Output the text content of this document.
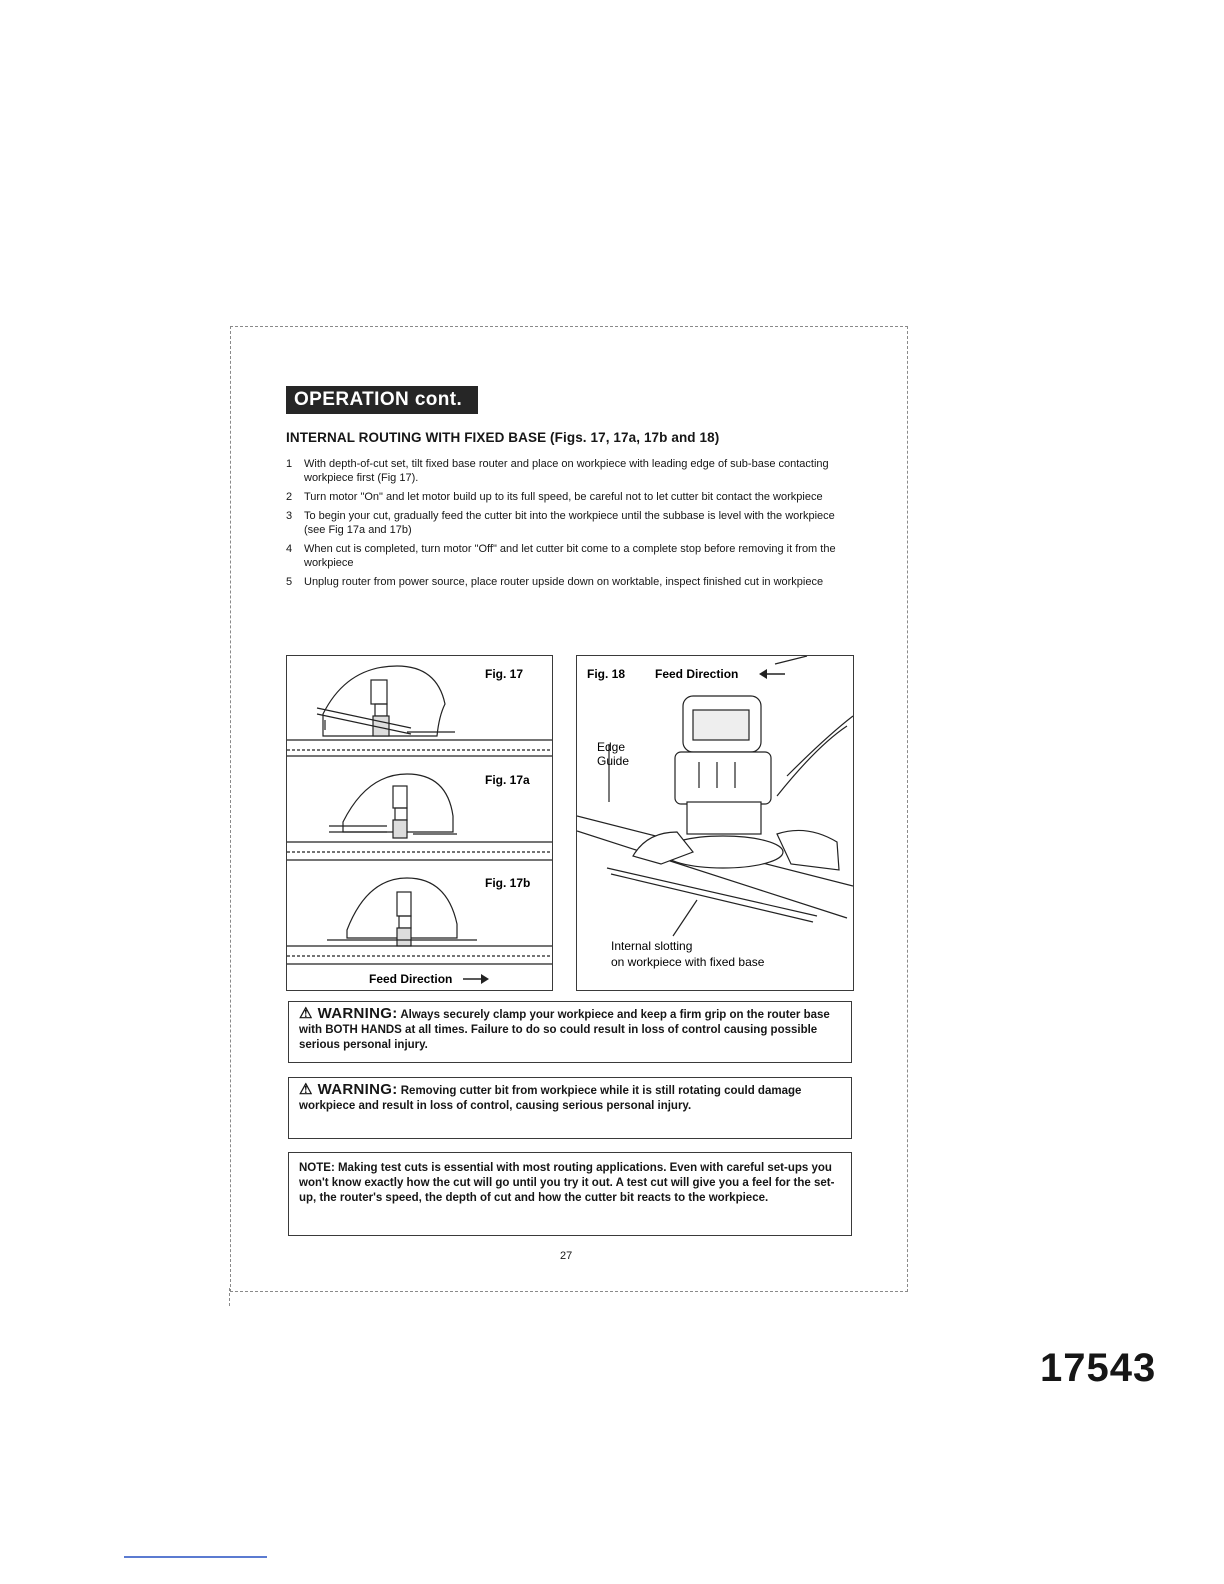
OPERATION cont.
INTERNAL ROUTING WITH FIXED BASE (Figs. 17, 17a, 17b and 18)
1 With depth-of-cut set, tilt fixed base router and place on workpiece with leading edge of sub-base contacting workpiece first (Fig 17).
2 Turn motor "On" and let motor build up to its full speed, be careful not to let cutter bit contact the workpiece
3 To begin your cut, gradually feed the cutter bit into the workpiece until the subbase is level with the workpiece (see Fig 17a and 17b)
4 When cut is completed, turn motor "Off" and let cutter bit come to a complete stop before removing it from the workpiece
5 Unplug router from power source, place router upside down on worktable, inspect finished cut in workpiece
Fig. 17
Fig. 17a
Fig. 17b
Feed Direction
Fig. 18 Feed Direction
Edge
Guide
Internal slotting
on workpiece with fixed base
⚠ WARNING: Always securely clamp your workpiece and keep a firm grip on the router base with BOTH HANDS at all times. Failure to do so could result in loss of control causing possible serious personal injury.
⚠ WARNING: Removing cutter bit from workpiece while it is still rotating could damage workpiece and result in loss of control, causing serious personal injury.
NOTE: Making test cuts is essential with most routing applications. Even with careful set-ups you won't know exactly how the cut will go until you try it out. A test cut will give you a feel for the set-up, the router's speed, the depth of cut and how the cutter bit reacts to the workpiece.
27
17543
